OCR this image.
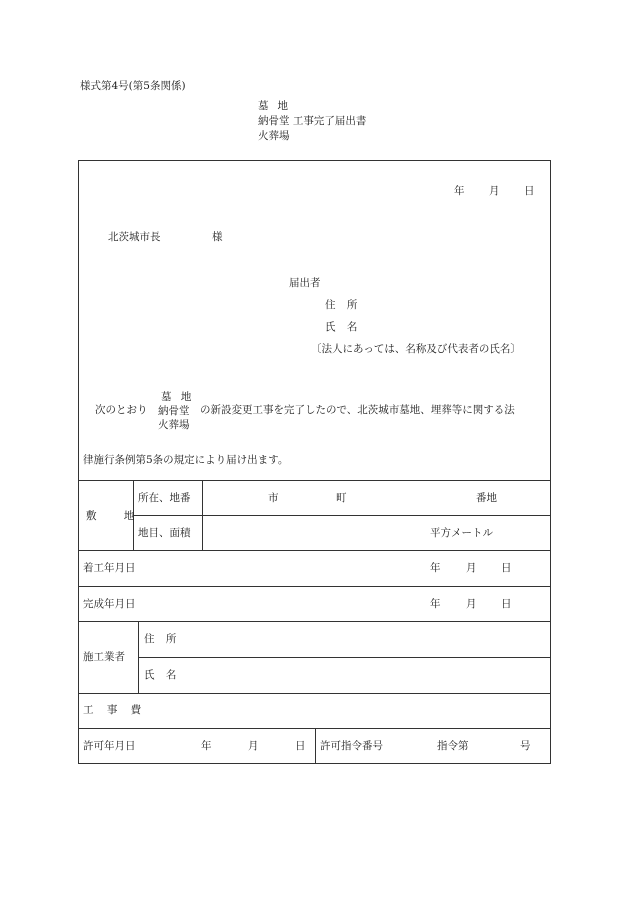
様式第4号(第5条関係)
墓地
納骨堂 工事完了届出書
火葬場
年 月 日
北茨城市長	様
届出者
住 所
氏 名
〔法人にあっては、名称及び代表者の氏名〕
次のとおり
墓 地
納骨堂
火葬場
の新設変更工事を完了したので、北茨城市墓地、埋葬等に関する法
律施行条例第5条の規定により届け出ます。
敷 地
所在、地番	市	町	番地
地目、面積	平方メートル
着工年月日	年 月 日
完成年月日	年 月 日
施工業者
住 所
氏 名
工 事 費
許可年月日	年	月	日 許可指令番号	指令第	号
